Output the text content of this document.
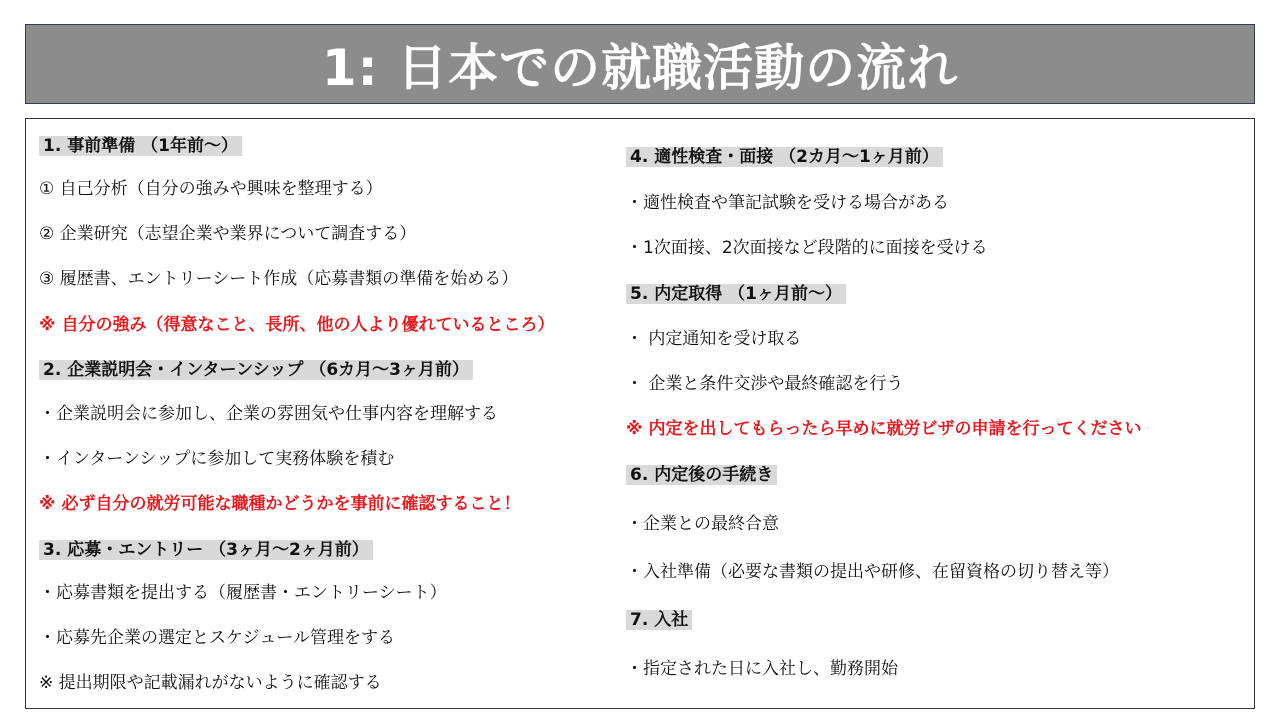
1: 日本での就職活動の流れ
1. 事前準備 （1年前～）
① 自己分析（自分の強みや興味を整理する）
② 企業研究（志望企業や業界について調査する）
③ 履歴書、エントリーシート作成（応募書類の準備を始める）
※ 自分の強み（得意なこと、長所、他の人より優れているところ）
2. 企業説明会・インターンシップ （6カ月～3ヶ月前）
・企業説明会に参加し、企業の雰囲気や仕事内容を理解する
・インターンシップに参加して実務体験を積む
※ 必ず自分の就労可能な職種かどうかを事前に確認すること！
3. 応募・エントリー （3ヶ月～2ヶ月前）
・応募書類を提出する（履歴書・エントリーシート）
・応募先企業の選定とスケジュール管理をする
※ 提出期限や記載漏れがないように確認する
4. 適性検査・面接 （2カ月～1ヶ月前）
・適性検査や筆記試験を受ける場合がある
・1次面接、2次面接など段階的に面接を受ける
5. 内定取得 （1ヶ月前～）
・ 内定通知を受け取る
・ 企業と条件交渉や最終確認を行う
※ 内定を出してもらったら早めに就労ビザの申請を行ってください
6. 内定後の手続き
・企業との最終合意
・入社準備（必要な書類の提出や研修、在留資格の切り替え等）
7. 入社
・指定された日に入社し、勤務開始
